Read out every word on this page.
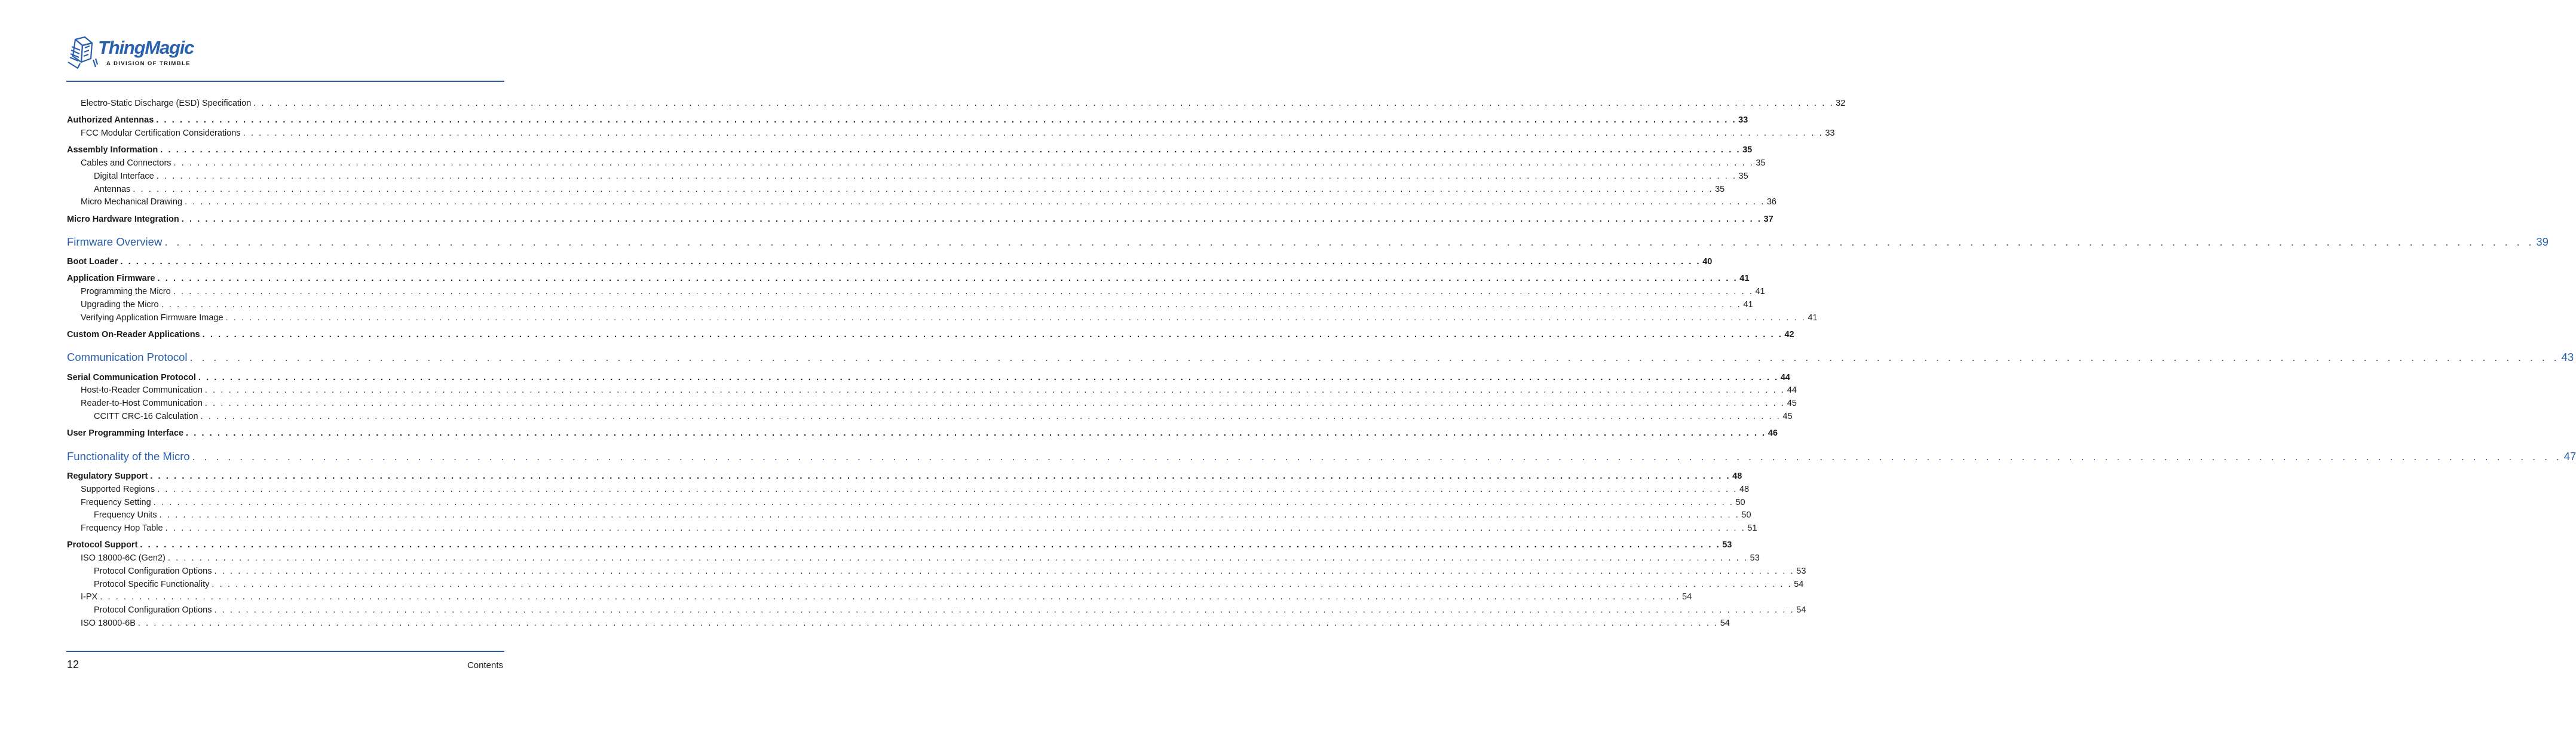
ThingMagic
A DIVISION OF TRIMBLE
Electro-Static Discharge (ESD) Specification . . . . . . . . . . . . . . . . . . . . . . . . . . . . . . . . . . . . . . . . . . . . . . . . . . . . . . . . . . . . . . . . . . . . . . . . . . . . . . . . . . . . . . . . . . . . . . . . . . . . . . . . . . . . . . . . . . . . . . . . . . . . . . . . . . . . . . . . . . . . . . . . . . . . . . . . . . . . . . . . . . . . . . . . . . . . . . . . . . . . . . . . . . . . . . . . . . . . . . . . 32
Authorized Antennas . . . . . . . . . . . . . . . . . . . . . . . . . . . . . . . . . . . . . . . . . . . . . . . . . . . . . . . . . . . . . . . . . . . . . . . . . . . . . . . . . . . . . . . . . . . . . . . . . . . . . . . . . . . . . . . . . . . . . . . . . . . . . . . . . . . . . . . . . . . . . . . . . . . . . . . . . . . . . . . . . . . . . . . . . . . . . . . . . . . . . . . . . . . . . . . . . . . . . . . . 33
FCC Modular Certification Considerations . . . . . . . . . . . . . . . . . . . . . . . . . . . . . . . . . . . . . . . . . . . . . . . . . . . . . . . . . . . . . . . . . . . . . . . . . . . . . . . . . . . . . . . . . . . . . . . . . . . . . . . . . . . . . . . . . . . . . . . . . . . . . . . . . . . . . . . . . . . . . . . . . . . . . . . . . . . . . . . . . . . . . . . . . . . . . . . . . . . . . . . . . . . . . . . . . . . . . . . . 33
Assembly Information . . . . . . . . . . . . . . . . . . . . . . . . . . . . . . . . . . . . . . . . . . . . . . . . . . . . . . . . . . . . . . . . . . . . . . . . . . . . . . . . . . . . . . . . . . . . . . . . . . . . . . . . . . . . . . . . . . . . . . . . . . . . . . . . . . . . . . . . . . . . . . . . . . . . . . . . . . . . . . . . . . . . . . . . . . . . . . . . . . . . . . . . . . . . . . . . . . . . . . . . 35
Cables and Connectors . . . . . . . . . . . . . . . . . . . . . . . . . . . . . . . . . . . . . . . . . . . . . . . . . . . . . . . . . . . . . . . . . . . . . . . . . . . . . . . . . . . . . . . . . . . . . . . . . . . . . . . . . . . . . . . . . . . . . . . . . . . . . . . . . . . . . . . . . . . . . . . . . . . . . . . . . . . . . . . . . . . . . . . . . . . . . . . . . . . . . . . . . . . . . . . . . . . . . . . . 35
Digital Interface . . . . . . . . . . . . . . . . . . . . . . . . . . . . . . . . . . . . . . . . . . . . . . . . . . . . . . . . . . . . . . . . . . . . . . . . . . . . . . . . . . . . . . . . . . . . . . . . . . . . . . . . . . . . . . . . . . . . . . . . . . . . . . . . . . . . . . . . . . . . . . . . . . . . . . . . . . . . . . . . . . . . . . . . . . . . . . . . . . . . . . . . . . . . . . . . . . . . . . . . 35
Antennas . . . . . . . . . . . . . . . . . . . . . . . . . . . . . . . . . . . . . . . . . . . . . . . . . . . . . . . . . . . . . . . . . . . . . . . . . . . . . . . . . . . . . . . . . . . . . . . . . . . . . . . . . . . . . . . . . . . . . . . . . . . . . . . . . . . . . . . . . . . . . . . . . . . . . . . . . . . . . . . . . . . . . . . . . . . . . . . . . . . . . . . . . . . . . . . . . . . . . . . . 35
Micro Mechanical Drawing . . . . . . . . . . . . . . . . . . . . . . . . . . . . . . . . . . . . . . . . . . . . . . . . . . . . . . . . . . . . . . . . . . . . . . . . . . . . . . . . . . . . . . . . . . . . . . . . . . . . . . . . . . . . . . . . . . . . . . . . . . . . . . . . . . . . . . . . . . . . . . . . . . . . . . . . . . . . . . . . . . . . . . . . . . . . . . . . . . . . . . . . . . . . . . . . . . . . . . . . 36
Micro Hardware Integration . . . . . . . . . . . . . . . . . . . . . . . . . . . . . . . . . . . . . . . . . . . . . . . . . . . . . . . . . . . . . . . . . . . . . . . . . . . . . . . . . . . . . . . . . . . . . . . . . . . . . . . . . . . . . . . . . . . . . . . . . . . . . . . . . . . . . . . . . . . . . . . . . . . . . . . . . . . . . . . . . . . . . . . . . . . . . . . . . . . . . . . . . . . . . . . . . . . . . . . . 37
Firmware Overview . . . . . . . . . . . . . . . . . . . . . . . . . . . . . . . . . . . . . . . . . . . . . . . . . . . . . . . . . . . . . . . . . . . . . . . . . . . . . . . . . . . . . . . . . . . . . . . . . . . . . . . . . . . . . . . . . . . . . . . . . . . . . . . . . . . . . . . . . . . . . . . . . . . . . . . . . . . . . . . . . . . . . . . . . . . . . . . . . . . . . . . . . . . . . . . . . . . . . . . . 39
Boot Loader . . . . . . . . . . . . . . . . . . . . . . . . . . . . . . . . . . . . . . . . . . . . . . . . . . . . . . . . . . . . . . . . . . . . . . . . . . . . . . . . . . . . . . . . . . . . . . . . . . . . . . . . . . . . . . . . . . . . . . . . . . . . . . . . . . . . . . . . . . . . . . . . . . . . . . . . . . . . . . . . . . . . . . . . . . . . . . . . . . . . . . . . . . . . . . . . . . . . . . . . 40
Application Firmware . . . . . . . . . . . . . . . . . . . . . . . . . . . . . . . . . . . . . . . . . . . . . . . . . . . . . . . . . . . . . . . . . . . . . . . . . . . . . . . . . . . . . . . . . . . . . . . . . . . . . . . . . . . . . . . . . . . . . . . . . . . . . . . . . . . . . . . . . . . . . . . . . . . . . . . . . . . . . . . . . . . . . . . . . . . . . . . . . . . . . . . . . . . . . . . . . . . . . . . . 41
Programming the Micro . . . . . . . . . . . . . . . . . . . . . . . . . . . . . . . . . . . . . . . . . . . . . . . . . . . . . . . . . . . . . . . . . . . . . . . . . . . . . . . . . . . . . . . . . . . . . . . . . . . . . . . . . . . . . . . . . . . . . . . . . . . . . . . . . . . . . . . . . . . . . . . . . . . . . . . . . . . . . . . . . . . . . . . . . . . . . . . . . . . . . . . . . . . . . . . . . . . . . . . . 41
Upgrading the Micro . . . . . . . . . . . . . . . . . . . . . . . . . . . . . . . . . . . . . . . . . . . . . . . . . . . . . . . . . . . . . . . . . . . . . . . . . . . . . . . . . . . . . . . . . . . . . . . . . . . . . . . . . . . . . . . . . . . . . . . . . . . . . . . . . . . . . . . . . . . . . . . . . . . . . . . . . . . . . . . . . . . . . . . . . . . . . . . . . . . . . . . . . . . . . . . . . . . . . . . . 41
Verifying Application Firmware Image . . . . . . . . . . . . . . . . . . . . . . . . . . . . . . . . . . . . . . . . . . . . . . . . . . . . . . . . . . . . . . . . . . . . . . . . . . . . . . . . . . . . . . . . . . . . . . . . . . . . . . . . . . . . . . . . . . . . . . . . . . . . . . . . . . . . . . . . . . . . . . . . . . . . . . . . . . . . . . . . . . . . . . . . . . . . . . . . . . . . . . . . . . . . . . . . . . . . . . . . 41
Custom On-Reader Applications . . . . . . . . . . . . . . . . . . . . . . . . . . . . . . . . . . . . . . . . . . . . . . . . . . . . . . . . . . . . . . . . . . . . . . . . . . . . . . . . . . . . . . . . . . . . . . . . . . . . . . . . . . . . . . . . . . . . . . . . . . . . . . . . . . . . . . . . . . . . . . . . . . . . . . . . . . . . . . . . . . . . . . . . . . . . . . . . . . . . . . . . . . . . . . . . . . . . . . . . 42
Communication Protocol . . . . . . . . . . . . . . . . . . . . . . . . . . . . . . . . . . . . . . . . . . . . . . . . . . . . . . . . . . . . . . . . . . . . . . . . . . . . . . . . . . . . . . . . . . . . . . . . . . . . . . . . . . . . . . . . . . . . . . . . . . . . . . . . . . . . . . . . . . . . . . . . . . . . . . . . . . . . . . . . . . . . . . . . . . . . . . . . . . . . . . . . . . . . . . . . . . . . . . . . 43
Serial Communication Protocol . . . . . . . . . . . . . . . . . . . . . . . . . . . . . . . . . . . . . . . . . . . . . . . . . . . . . . . . . . . . . . . . . . . . . . . . . . . . . . . . . . . . . . . . . . . . . . . . . . . . . . . . . . . . . . . . . . . . . . . . . . . . . . . . . . . . . . . . . . . . . . . . . . . . . . . . . . . . . . . . . . . . . . . . . . . . . . . . . . . . . . . . . . . . . . . . . . . . . . . . 44
Host-to-Reader Communication . . . . . . . . . . . . . . . . . . . . . . . . . . . . . . . . . . . . . . . . . . . . . . . . . . . . . . . . . . . . . . . . . . . . . . . . . . . . . . . . . . . . . . . . . . . . . . . . . . . . . . . . . . . . . . . . . . . . . . . . . . . . . . . . . . . . . . . . . . . . . . . . . . . . . . . . . . . . . . . . . . . . . . . . . . . . . . . . . . . . . . . . . . . . . . . . . . . . . . . . 44
Reader-to-Host Communication . . . . . . . . . . . . . . . . . . . . . . . . . . . . . . . . . . . . . . . . . . . . . . . . . . . . . . . . . . . . . . . . . . . . . . . . . . . . . . . . . . . . . . . . . . . . . . . . . . . . . . . . . . . . . . . . . . . . . . . . . . . . . . . . . . . . . . . . . . . . . . . . . . . . . . . . . . . . . . . . . . . . . . . . . . . . . . . . . . . . . . . . . . . . . . . . . . . . . . . . 45
CCITT CRC-16 Calculation . . . . . . . . . . . . . . . . . . . . . . . . . . . . . . . . . . . . . . . . . . . . . . . . . . . . . . . . . . . . . . . . . . . . . . . . . . . . . . . . . . . . . . . . . . . . . . . . . . . . . . . . . . . . . . . . . . . . . . . . . . . . . . . . . . . . . . . . . . . . . . . . . . . . . . . . . . . . . . . . . . . . . . . . . . . . . . . . . . . . . . . . . . . . . . . . . . . . . . . . 45
User Programming Interface . . . . . . . . . . . . . . . . . . . . . . . . . . . . . . . . . . . . . . . . . . . . . . . . . . . . . . . . . . . . . . . . . . . . . . . . . . . . . . . . . . . . . . . . . . . . . . . . . . . . . . . . . . . . . . . . . . . . . . . . . . . . . . . . . . . . . . . . . . . . . . . . . . . . . . . . . . . . . . . . . . . . . . . . . . . . . . . . . . . . . . . . . . . . . . . . . . . . . . . . 46
Functionality of the Micro . . . . . . . . . . . . . . . . . . . . . . . . . . . . . . . . . . . . . . . . . . . . . . . . . . . . . . . . . . . . . . . . . . . . . . . . . . . . . . . . . . . . . . . . . . . . . . . . . . . . . . . . . . . . . . . . . . . . . . . . . . . . . . . . . . . . . . . . . . . . . . . . . . . . . . . . . . . . . . . . . . . . . . . . . . . . . . . . . . . . . . . . . . . . . . . . . . . . . . . . 47
Regulatory Support . . . . . . . . . . . . . . . . . . . . . . . . . . . . . . . . . . . . . . . . . . . . . . . . . . . . . . . . . . . . . . . . . . . . . . . . . . . . . . . . . . . . . . . . . . . . . . . . . . . . . . . . . . . . . . . . . . . . . . . . . . . . . . . . . . . . . . . . . . . . . . . . . . . . . . . . . . . . . . . . . . . . . . . . . . . . . . . . . . . . . . . . . . . . . . . . . . . . . . . . 48
Supported Regions . . . . . . . . . . . . . . . . . . . . . . . . . . . . . . . . . . . . . . . . . . . . . . . . . . . . . . . . . . . . . . . . . . . . . . . . . . . . . . . . . . . . . . . . . . . . . . . . . . . . . . . . . . . . . . . . . . . . . . . . . . . . . . . . . . . . . . . . . . . . . . . . . . . . . . . . . . . . . . . . . . . . . . . . . . . . . . . . . . . . . . . . . . . . . . . . . . . . . . . . 48
Frequency Setting . . . . . . . . . . . . . . . . . . . . . . . . . . . . . . . . . . . . . . . . . . . . . . . . . . . . . . . . . . . . . . . . . . . . . . . . . . . . . . . . . . . . . . . . . . . . . . . . . . . . . . . . . . . . . . . . . . . . . . . . . . . . . . . . . . . . . . . . . . . . . . . . . . . . . . . . . . . . . . . . . . . . . . . . . . . . . . . . . . . . . . . . . . . . . . . . . . . . . . . . 50
Frequency Units . . . . . . . . . . . . . . . . . . . . . . . . . . . . . . . . . . . . . . . . . . . . . . . . . . . . . . . . . . . . . . . . . . . . . . . . . . . . . . . . . . . . . . . . . . . . . . . . . . . . . . . . . . . . . . . . . . . . . . . . . . . . . . . . . . . . . . . . . . . . . . . . . . . . . . . . . . . . . . . . . . . . . . . . . . . . . . . . . . . . . . . . . . . . . . . . . . . . . . . . 50
Frequency Hop Table . . . . . . . . . . . . . . . . . . . . . . . . . . . . . . . . . . . . . . . . . . . . . . . . . . . . . . . . . . . . . . . . . . . . . . . . . . . . . . . . . . . . . . . . . . . . . . . . . . . . . . . . . . . . . . . . . . . . . . . . . . . . . . . . . . . . . . . . . . . . . . . . . . . . . . . . . . . . . . . . . . . . . . . . . . . . . . . . . . . . . . . . . . . . . . . . . . . . . . . . 51
Protocol Support . . . . . . . . . . . . . . . . . . . . . . . . . . . . . . . . . . . . . . . . . . . . . . . . . . . . . . . . . . . . . . . . . . . . . . . . . . . . . . . . . . . . . . . . . . . . . . . . . . . . . . . . . . . . . . . . . . . . . . . . . . . . . . . . . . . . . . . . . . . . . . . . . . . . . . . . . . . . . . . . . . . . . . . . . . . . . . . . . . . . . . . . . . . . . . . . . . . . . . . . 53
ISO 18000-6C (Gen2) . . . . . . . . . . . . . . . . . . . . . . . . . . . . . . . . . . . . . . . . . . . . . . . . . . . . . . . . . . . . . . . . . . . . . . . . . . . . . . . . . . . . . . . . . . . . . . . . . . . . . . . . . . . . . . . . . . . . . . . . . . . . . . . . . . . . . . . . . . . . . . . . . . . . . . . . . . . . . . . . . . . . . . . . . . . . . . . . . . . . . . . . . . . . . . . . . . . . . . . . 53
Protocol Configuration Options . . . . . . . . . . . . . . . . . . . . . . . . . . . . . . . . . . . . . . . . . . . . . . . . . . . . . . . . . . . . . . . . . . . . . . . . . . . . . . . . . . . . . . . . . . . . . . . . . . . . . . . . . . . . . . . . . . . . . . . . . . . . . . . . . . . . . . . . . . . . . . . . . . . . . . . . . . . . . . . . . . . . . . . . . . . . . . . . . . . . . . . . . . . . . . . . . . . . . . . . 53
Protocol Specific Functionality . . . . . . . . . . . . . . . . . . . . . . . . . . . . . . . . . . . . . . . . . . . . . . . . . . . . . . . . . . . . . . . . . . . . . . . . . . . . . . . . . . . . . . . . . . . . . . . . . . . . . . . . . . . . . . . . . . . . . . . . . . . . . . . . . . . . . . . . . . . . . . . . . . . . . . . . . . . . . . . . . . . . . . . . . . . . . . . . . . . . . . . . . . . . . . . . . . . . . . . . 54
I-PX . . . . . . . . . . . . . . . . . . . . . . . . . . . . . . . . . . . . . . . . . . . . . . . . . . . . . . . . . . . . . . . . . . . . . . . . . . . . . . . . . . . . . . . . . . . . . . . . . . . . . . . . . . . . . . . . . . . . . . . . . . . . . . . . . . . . . . . . . . . . . . . . . . . . . . . . . . . . . . . . . . . . . . . . . . . . . . . . . . . . . . . . . . . . . . . . . . . . . . . . 54
Protocol Configuration Options . . . . . . . . . . . . . . . . . . . . . . . . . . . . . . . . . . . . . . . . . . . . . . . . . . . . . . . . . . . . . . . . . . . . . . . . . . . . . . . . . . . . . . . . . . . . . . . . . . . . . . . . . . . . . . . . . . . . . . . . . . . . . . . . . . . . . . . . . . . . . . . . . . . . . . . . . . . . . . . . . . . . . . . . . . . . . . . . . . . . . . . . . . . . . . . . . . . . . . . . 54
ISO 18000-6B . . . . . . . . . . . . . . . . . . . . . . . . . . . . . . . . . . . . . . . . . . . . . . . . . . . . . . . . . . . . . . . . . . . . . . . . . . . . . . . . . . . . . . . . . . . . . . . . . . . . . . . . . . . . . . . . . . . . . . . . . . . . . . . . . . . . . . . . . . . . . . . . . . . . . . . . . . . . . . . . . . . . . . . . . . . . . . . . . . . . . . . . . . . . . . . . . . . . . . . . 54
12	Contents
